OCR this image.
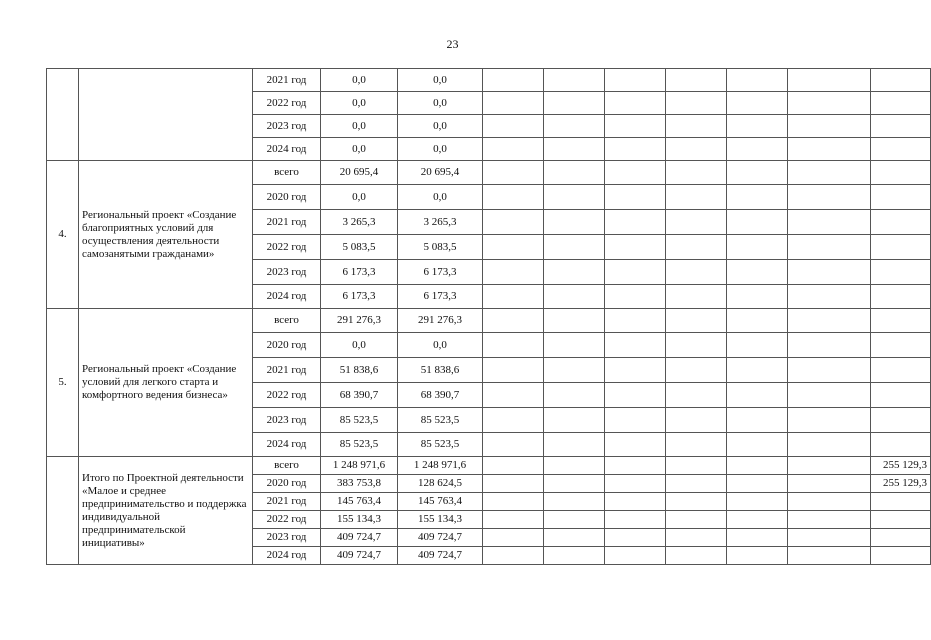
23
		2021 год	0,0	0,0							
		2022 год	0,0	0,0							
		2023 год	0,0	0,0							
		2024 год	0,0	0,0							
4.	Региональный проект «Создание благоприятных условий для осуществления деятельности самозанятыми гражданами»	всего	20 695,4	20 695,4							
		2020 год	0,0	0,0							
		2021 год	3 265,3	3 265,3							
		2022 год	5 083,5	5 083,5							
		2023 год	6 173,3	6 173,3							
		2024 год	6 173,3	6 173,3							
5.	Региональный проект «Создание условий для легкого старта и комфортного ведения бизнеса»	всего	291 276,3	291 276,3							
		2020 год	0,0	0,0							
		2021 год	51 838,6	51 838,6							
		2022 год	68 390,7	68 390,7							
		2023 год	85 523,5	85 523,5							
		2024 год	85 523,5	85 523,5							
	Итого по Проектной деятельности «Малое и среднее предпринимательство и поддержка индивидуальной предпринимательской инициативы»	всего	1 248 971,6	1 248 971,6							255 129,3
		2020 год	383 753,8	128 624,5							255 129,3
		2021 год	145 763,4	145 763,4							
		2022 год	155 134,3	155 134,3							
		2023 год	409 724,7	409 724,7							
		2024 год	409 724,7	409 724,7							
